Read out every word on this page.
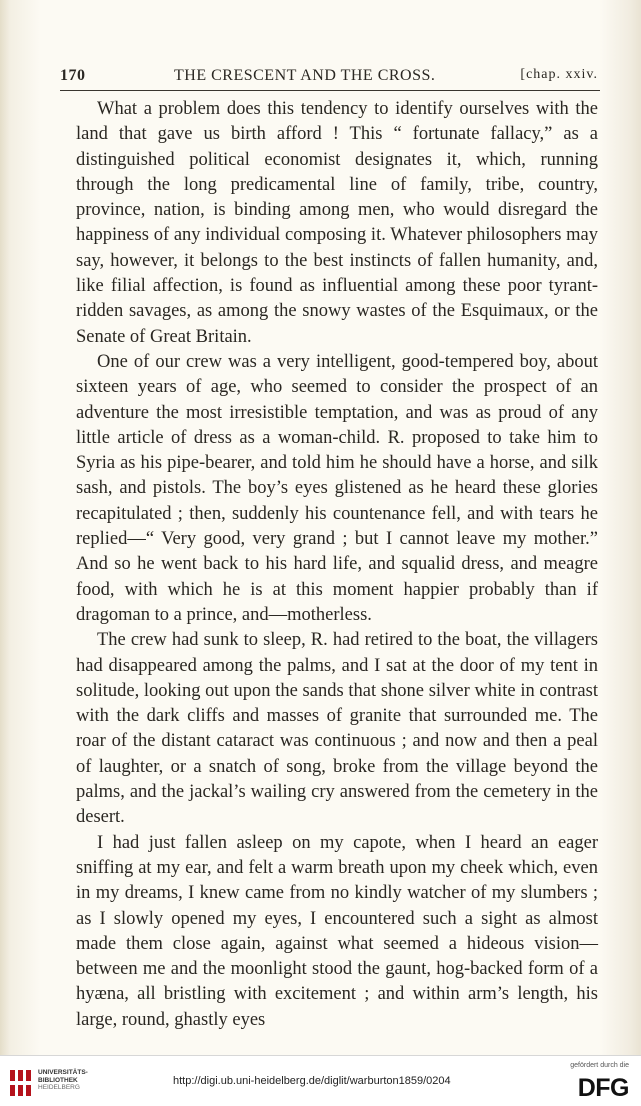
170	THE CRESCENT AND THE CROSS.	[chap. xxiv.

What a problem does this tendency to identify ourselves with the land that gave us birth afford ! This “ fortunate fallacy,” as a distinguished political economist designates it, which, running through the long predicamental line of family, tribe, country, province, nation, is binding among men, who would disregard the happiness of any individual composing it. Whatever philosophers may say, however, it belongs to the best instincts of fallen humanity, and, like filial affection, is found as influential among these poor tyrant-ridden savages, as among the snowy wastes of the Esquimaux, or the Senate of Great Britain.

One of our crew was a very intelligent, good-tempered boy, about sixteen years of age, who seemed to consider the prospect of an adventure the most irresistible temptation, and was as proud of any little article of dress as a woman-child. R. proposed to take him to Syria as his pipe-bearer, and told him he should have a horse, and silk sash, and pistols. The boy’s eyes glistened as he heard these glories recapitulated ; then, suddenly his countenance fell, and with tears he replied—“ Very good, very grand ; but I cannot leave my mother.” And so he went back to his hard life, and squalid dress, and meagre food, with which he is at this moment happier probably than if dragoman to a prince, and—motherless.

The crew had sunk to sleep, R. had retired to the boat, the villagers had disappeared among the palms, and I sat at the door of my tent in solitude, looking out upon the sands that shone silver white in contrast with the dark cliffs and masses of granite that surrounded me. The roar of the distant cataract was continuous ; and now and then a peal of laughter, or a snatch of song, broke from the village beyond the palms, and the jackal’s wailing cry answered from the cemetery in the desert.

I had just fallen asleep on my capote, when I heard an eager sniffing at my ear, and felt a warm breath upon my cheek which, even in my dreams, I knew came from no kindly watcher of my slumbers ; as I slowly opened my eyes, I encountered such a sight as almost made them close again, against what seemed a hideous vision—between me and the moonlight stood the gaunt, hog-backed form of a hyæna, all bristling with excitement ; and within arm’s length, his large, round, ghastly eyes

UNIVERSITÄTS-
BIBLIOTHEK
HEIDELBERG
http://digi.ub.uni-heidelberg.de/diglit/warburton1859/0204
gefördert durch die
DFG
